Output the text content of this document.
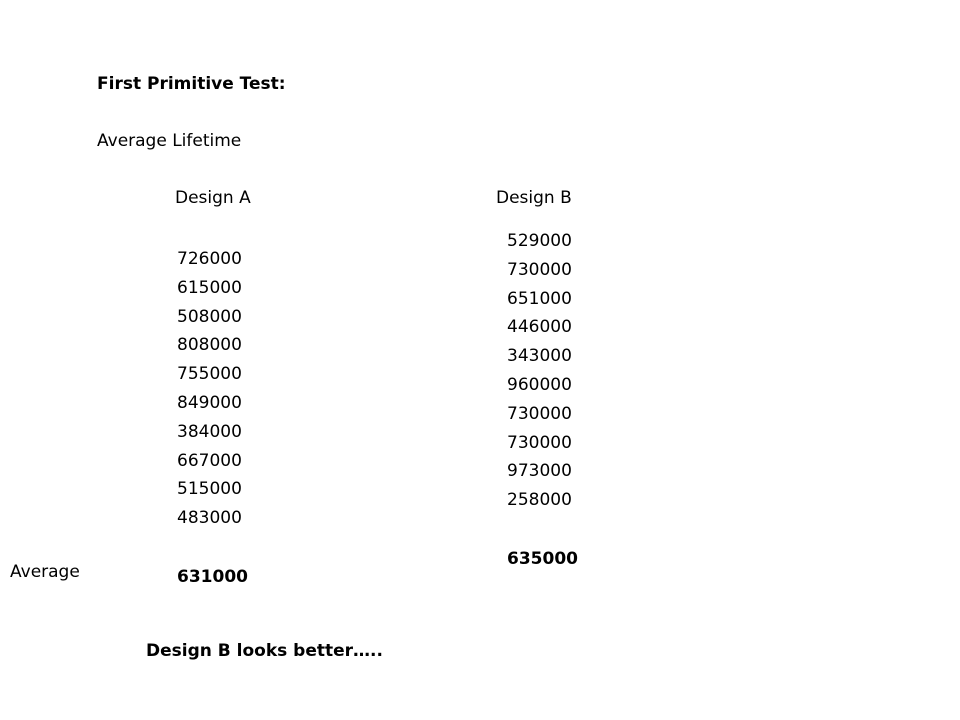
First Primitive Test:
Average Lifetime
Design A	Design B
726000
615000
508000
808000
755000
849000
384000
667000
515000
483000
529000
730000
651000
446000
343000
960000
730000
730000
973000
258000
Average	631000
635000
Design B looks better…..
